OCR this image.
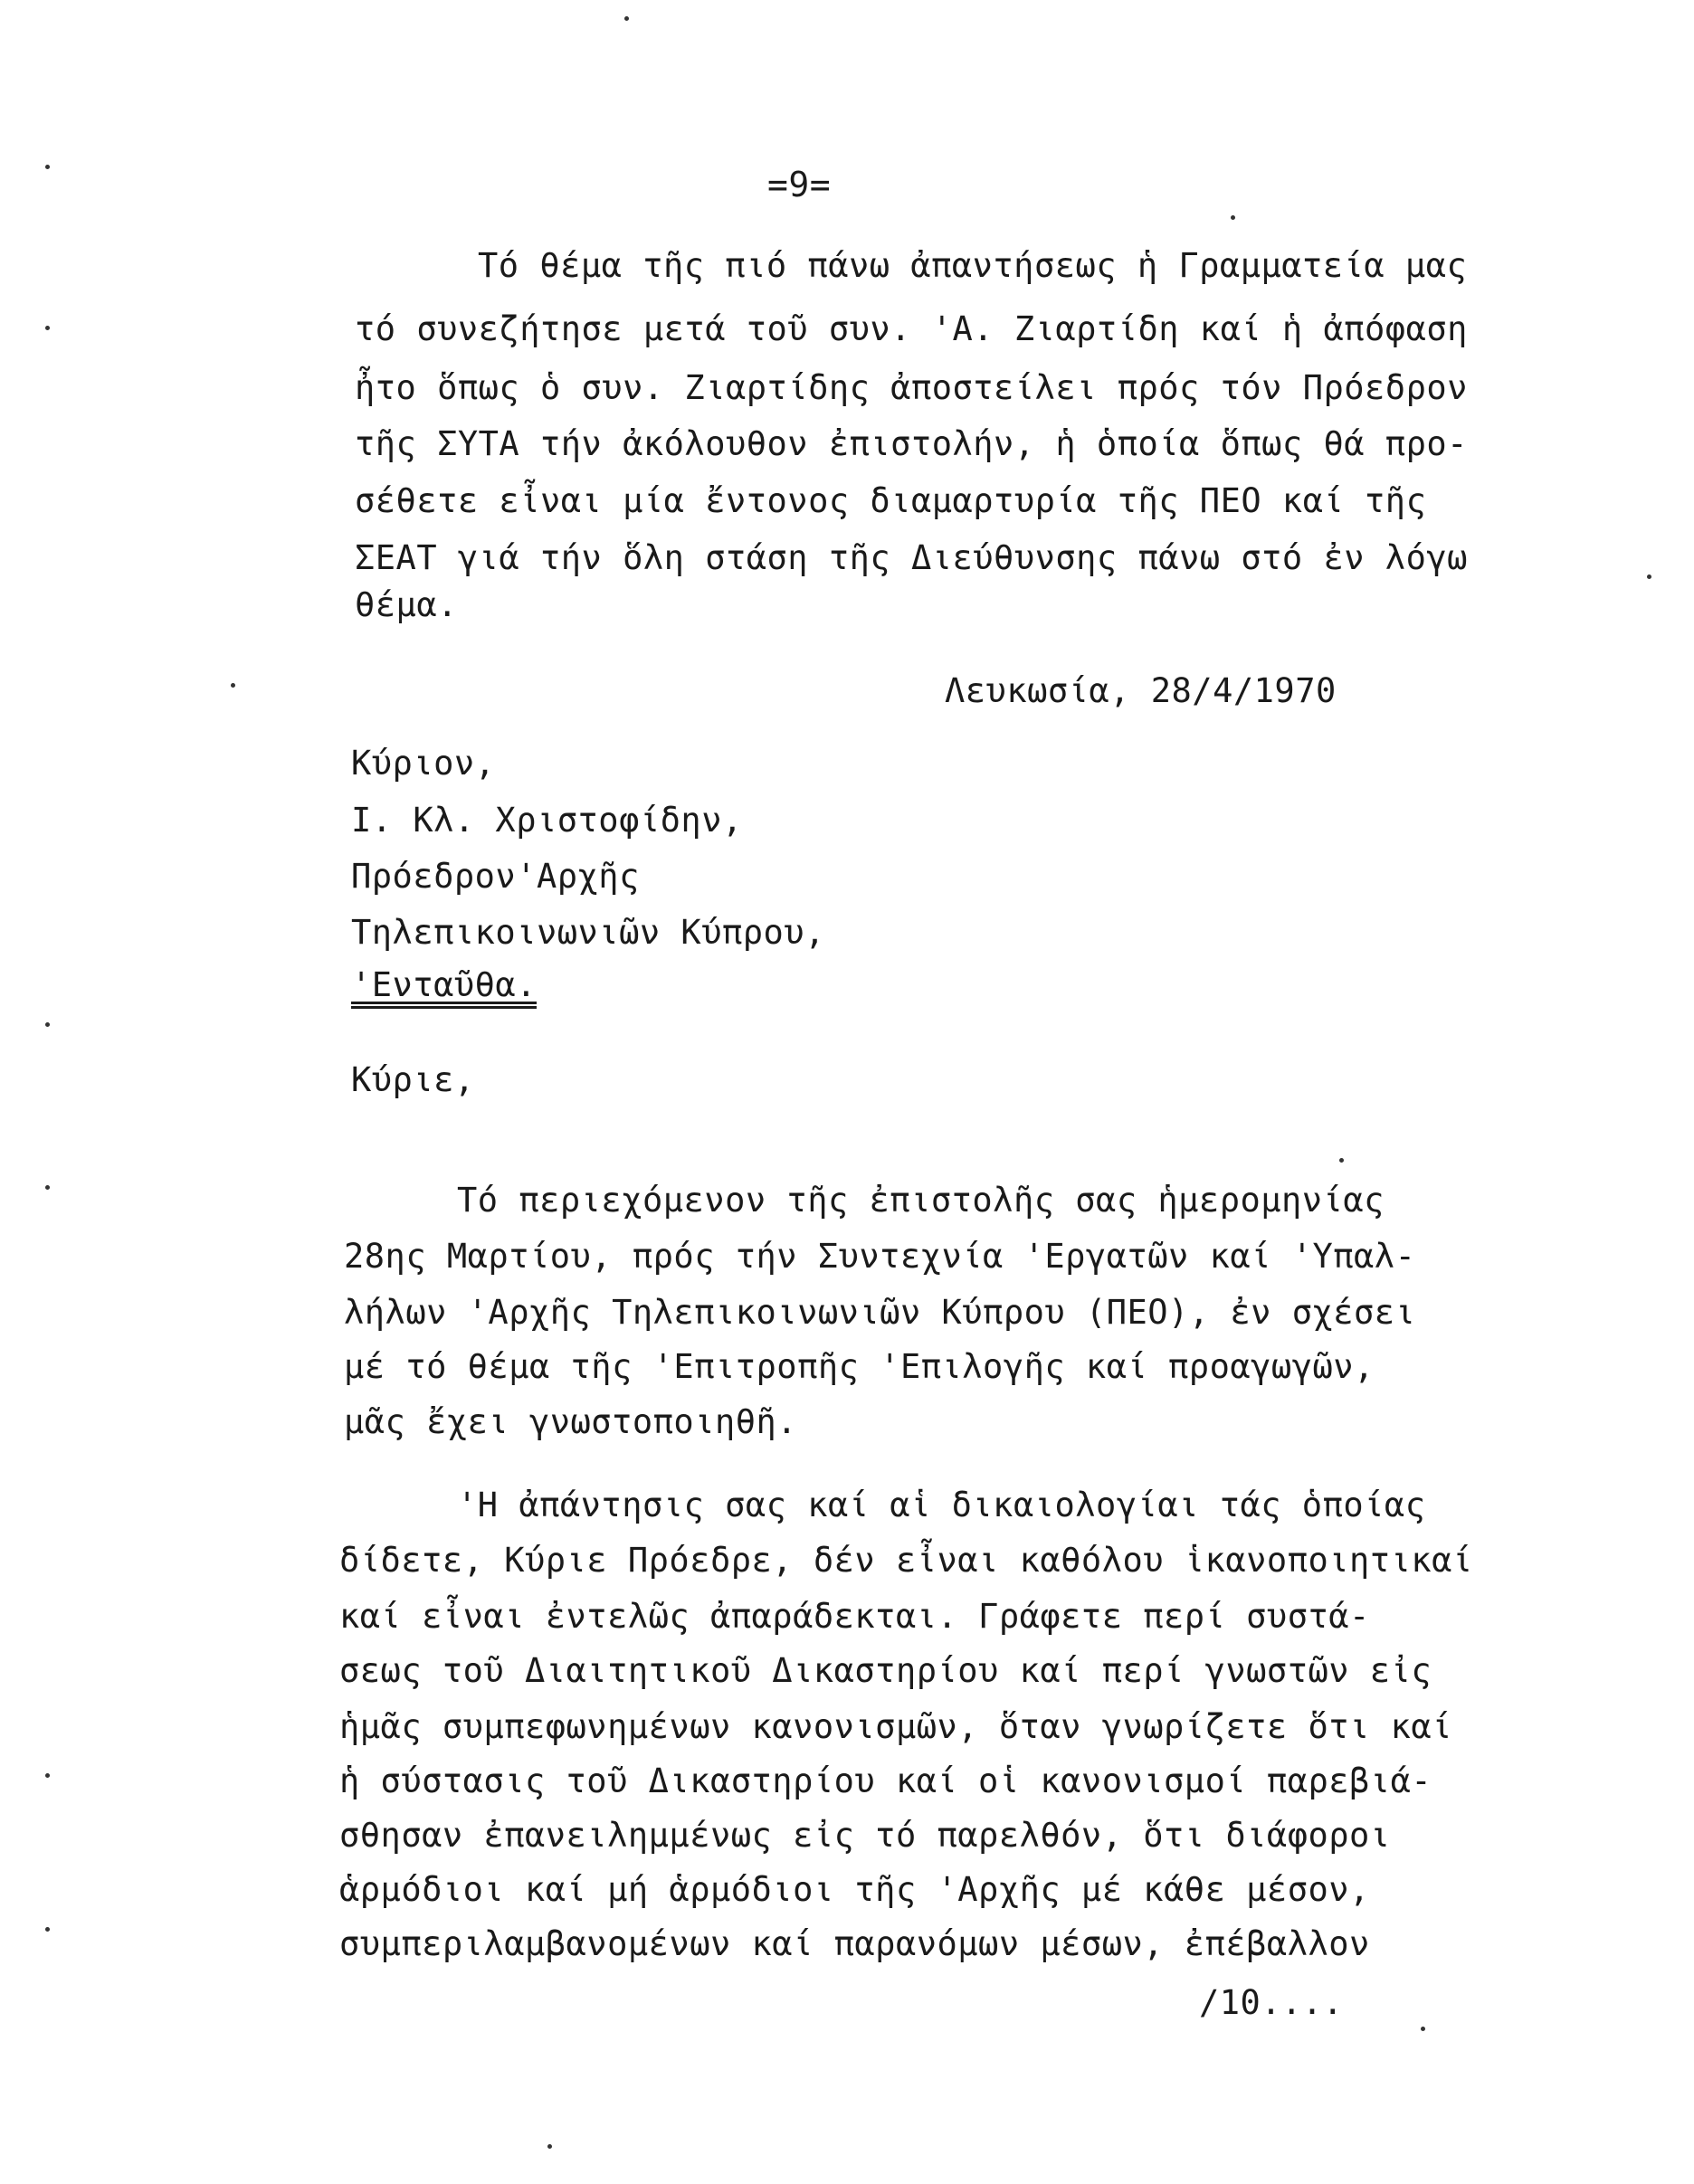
=9=
Τό θέμα τῆς πιό πάνω ἀπαντήσεως ἡ Γραμματεία μας
τό συνεζήτησε μετά τοῦ συν. 'Α. Ζιαρτίδη καί ἡ ἀπόφαση
ἦτο ὅπως ὁ συν. Ζιαρτίδης ἀποστείλει πρός τόν Πρόεδρον
τῆς ΣΥΤΑ τήν ἀκόλουθον ἐπιστολήν, ἡ ὁποία ὅπως θά προ-
σέθετε εἶναι μία ἔντονος διαμαρτυρία τῆς ΠΕΟ καί τῆς
ΣΕΑΤ γιά τήν ὅλη στάση τῆς Διεύθυνσης πάνω στό ἐν λόγω
θέμα.
Λευκωσία, 28/4/1970
Κύριον,
Ι. Κλ. Χριστοφίδην,
Πρόεδρον'Αρχῆς
Τηλεπικοινωνιῶν Κύπρου,
'Ενταῦθα.
Κύριε,
Τό περιεχόμενον τῆς ἐπιστολῆς σας ἡμερομηνίας
28ης Μαρτίου, πρός τήν Συντεχνία 'Εργατῶν καί 'Υπαλ-
λήλων 'Αρχῆς Τηλεπικοινωνιῶν Κύπρου (ΠΕΟ), ἐν σχέσει
μέ τό θέμα τῆς 'Επιτροπῆς 'Επιλογῆς καί προαγωγῶν,
μᾶς ἔχει γνωστοποιηθῆ.
'Η ἀπάντησις σας καί αἱ δικαιολογίαι τάς ὁποίας
δίδετε, Κύριε Πρόεδρε, δέν εἶναι καθόλου ἱκανοποιητικαί
καί εἶναι ἐντελῶς ἀπαράδεκται. Γράφετε περί συστά-
σεως τοῦ Διαιτητικοῦ Δικαστηρίου καί περί γνωστῶν εἰς
ἡμᾶς συμπεφωνημένων κανονισμῶν, ὅταν γνωρίζετε ὅτι καί
ἡ σύστασις τοῦ Δικαστηρίου καί οἱ κανονισμοί παρεβιά-
σθησαν ἐπανειλημμένως εἰς τό παρελθόν, ὅτι διάφοροι
ἁρμόδιοι καί μή ἁρμόδιοι τῆς 'Αρχῆς μέ κάθε μέσον,
συμπεριλαμβανομένων καί παρανόμων μέσων, ἐπέβαλλον
/10....
